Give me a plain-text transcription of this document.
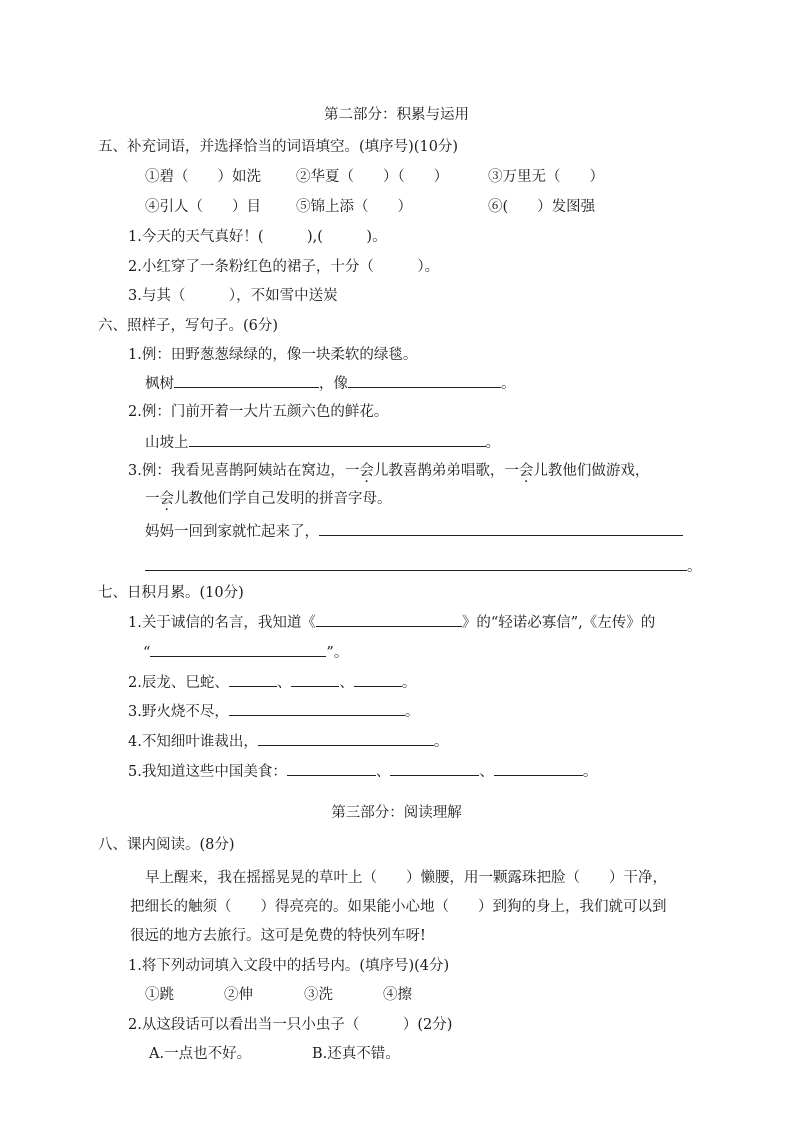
第二部分：积累与运用
五、补充词语，并选择恰当的词语填空。(填序号)(10分)
①碧（　　）如洗 ②华夏（　　）（　　）	③万里无（　　）
④引人（　　）目 ⑤锦上添（　　）	⑥(　　）发图强
1.今天的天气真好！(　　　),(　　　)。
2.小红穿了一条粉红色的裙子，十分（　　　）。
3.与其（　　　），不如雪中送炭
六、照样子，写句子。(6分)
1.例：田野葱葱绿绿的，像一块柔软的绿毯。
枫树	，像	。
2.例：门前开着一大片五颜六色的鲜花。
山坡上	。
3.例：我看见喜鹊阿姨站在窝边，一会儿教喜鹊弟弟唱歌，一会儿教他们做游戏，
一会儿教他们学自己发明的拼音字母。
妈妈一回到家就忙起来了，
。
七、日积月累。(10分)
1.关于诚信的名言，我知道《	》的“轻诺必寡信”,《左传》的
“	”。
2.辰龙、巳蛇、	、	、	。
3.野火烧不尽，	。
4.不知细叶谁裁出，	。
5.我知道这些中国美食：	、	、	。
第三部分：阅读理解
八、课内阅读。(8分)
早上醒来，我在摇摇晃晃的草叶上（　　）懒腰，用一颗露珠把脸（　　）干净，
把细长的触须（　　）得亮亮的。如果能小心地（　　）到狗的身上，我们就可以到
很远的地方去旅行。这可是免费的特快列车呀!
1.将下列动词填入文段中的括号内。(填序号)(4分)
①跳	②伸	③洗	④擦
2.从这段话可以看出当一只小虫子（　　　）(2分)
A.一点也不好。	B.还真不错。
